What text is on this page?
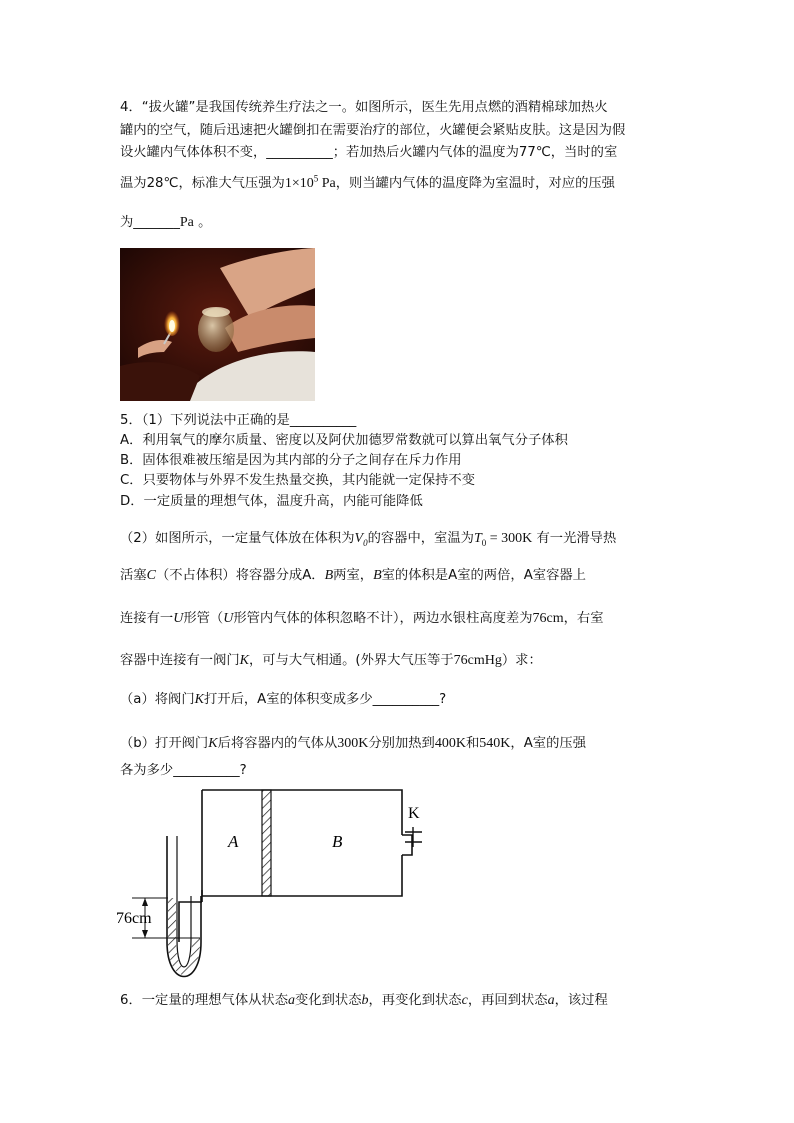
4．“拔火罐”是我国传统养生疗法之一。如图所示，医生先用点燃的酒精棉球加热火
罐内的空气，随后迅速把火罐倒扣在需要治疗的部位，火罐便会紧贴皮肤。这是因为假
设火罐内气体体积不变，__________；若加热后火罐内气体的温度为77℃，当时的室
温为28℃，标准大气压强为$1\times 10^5$ Pa，则当罐内气体的温度降为室温时，对应的压强
为_______Pa 。
5．（1）下列说法中正确的是__________
A．利用氧气的摩尔质量、密度以及阿伏加德罗常数就可以算出氧气分子体积
B．固体很难被压缩是因为其内部的分子之间存在斥力作用
C．只要物体与外界不发生热量交换，其内能就一定保持不变
D．一定质量的理想气体，温度升高，内能可能降低
（2）如图所示，一定量气体放在体积为$V_0$的容器中，室温为$T_0 = 300K$ 有一光滑导热
活塞C（不占体积）将容器分成A．B两室，B室的体积是A室的两倍，A室容器上
连接有一U形管（U形管内气体的体积忽略不计），两边水银柱高度差为76cm，右室
容器中连接有一阀门K，可与大气相通。(外界大气压等于76cmHg）求：
（a）将阀门K打开后，A室的体积变成多少__________?
（b）打开阀门K后将容器内的气体从300K分别加热到400K和540K，A室的压强
各为多少__________?
A	B
K
76cm
6．一定量的理想气体从状态a变化到状态b，再变化到状态c，再回到状态a，该过程
